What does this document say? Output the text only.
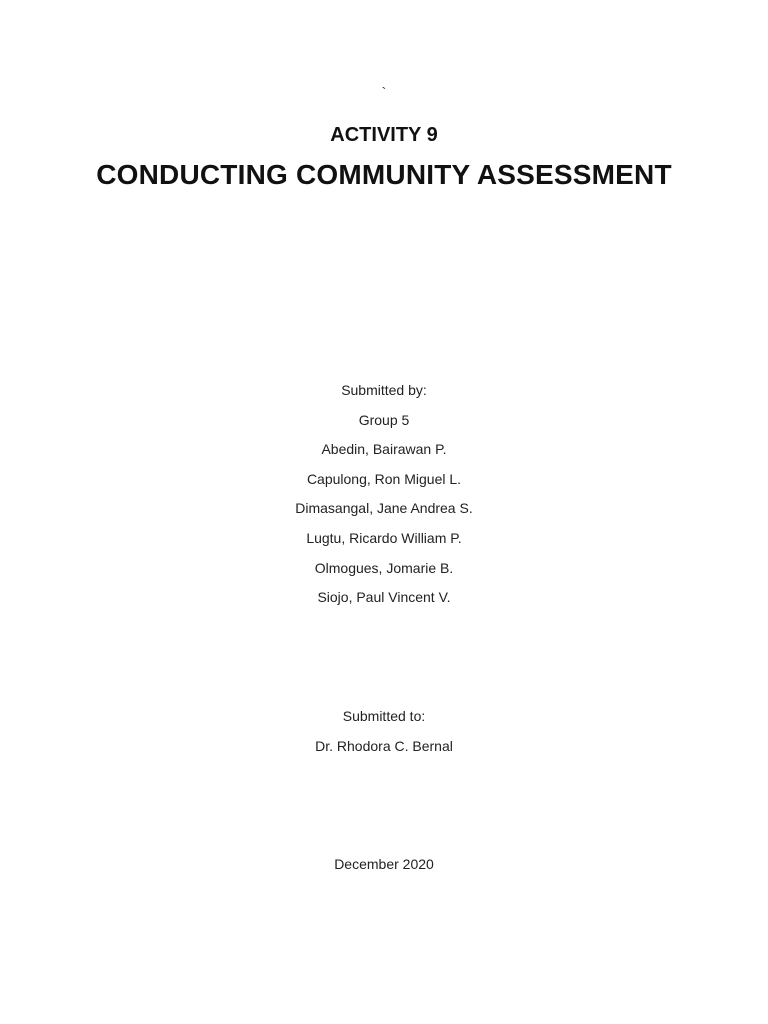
`
ACTIVITY 9
CONDUCTING COMMUNITY ASSESSMENT
Submitted by:
Group 5
Abedin, Bairawan P.
Capulong, Ron Miguel L.
Dimasangal, Jane Andrea S.
Lugtu, Ricardo William P.
Olmogues, Jomarie B.
Siojo, Paul Vincent V.
Submitted to:
Dr. Rhodora C. Bernal
December 2020
